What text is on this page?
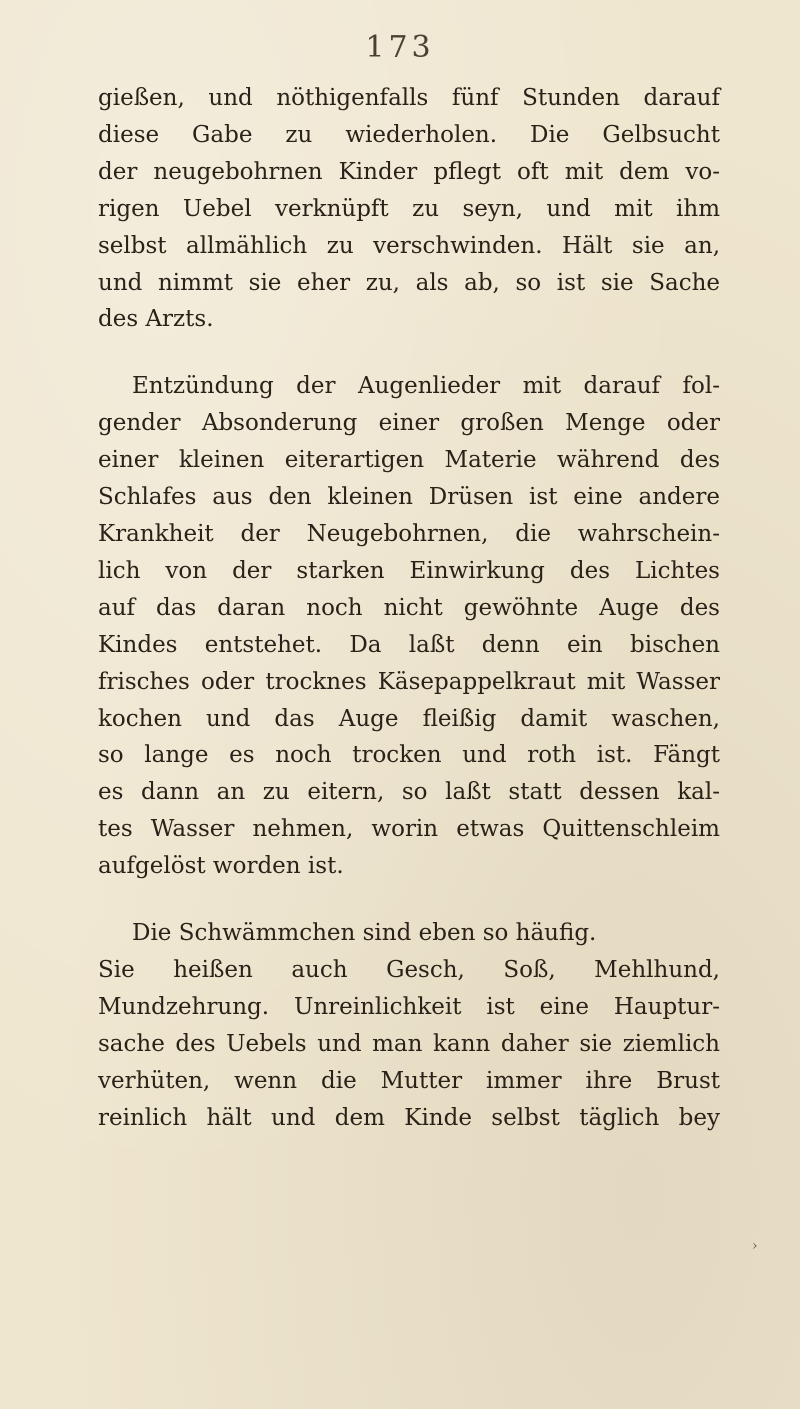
173
gießen, und nöthigenfalls fünf Stunden darauf
diese Gabe zu wiederholen. Die Gelbsucht
der neugebohrnen Kinder pflegt oft mit dem vo-
rigen Uebel verknüpft zu seyn, und mit ihm
selbst allmählich zu verschwinden. Hält sie an,
und nimmt sie eher zu, als ab, so ist sie Sache
des Arzts.
Entzündung der Augenlieder mit darauf fol-
gender Absonderung einer großen Menge oder
einer kleinen eiterartigen Materie während des
Schlafes aus den kleinen Drüsen ist eine andere
Krankheit der Neugebohrnen, die wahrschein-
lich von der starken Einwirkung des Lichtes
auf das daran noch nicht gewöhnte Auge des
Kindes entstehet. Da laßt denn ein bischen
frisches oder trocknes Käsepappelkraut mit Wasser
kochen und das Auge fleißig damit waschen,
so lange es noch trocken und roth ist. Fängt
es dann an zu eitern, so laßt statt dessen kal-
tes Wasser nehmen, worin etwas Quittenschleim
aufgelöst worden ist.
Die Schwämmchen sind eben so häufig.
Sie heißen auch Gesch, Soß, Mehlhund,
Mundzehrung. Unreinlichkeit ist eine Hauptur-
sache des Uebels und man kann daher sie ziemlich
verhüten, wenn die Mutter immer ihre Brust
reinlich hält und dem Kinde selbst täglich bey
›
